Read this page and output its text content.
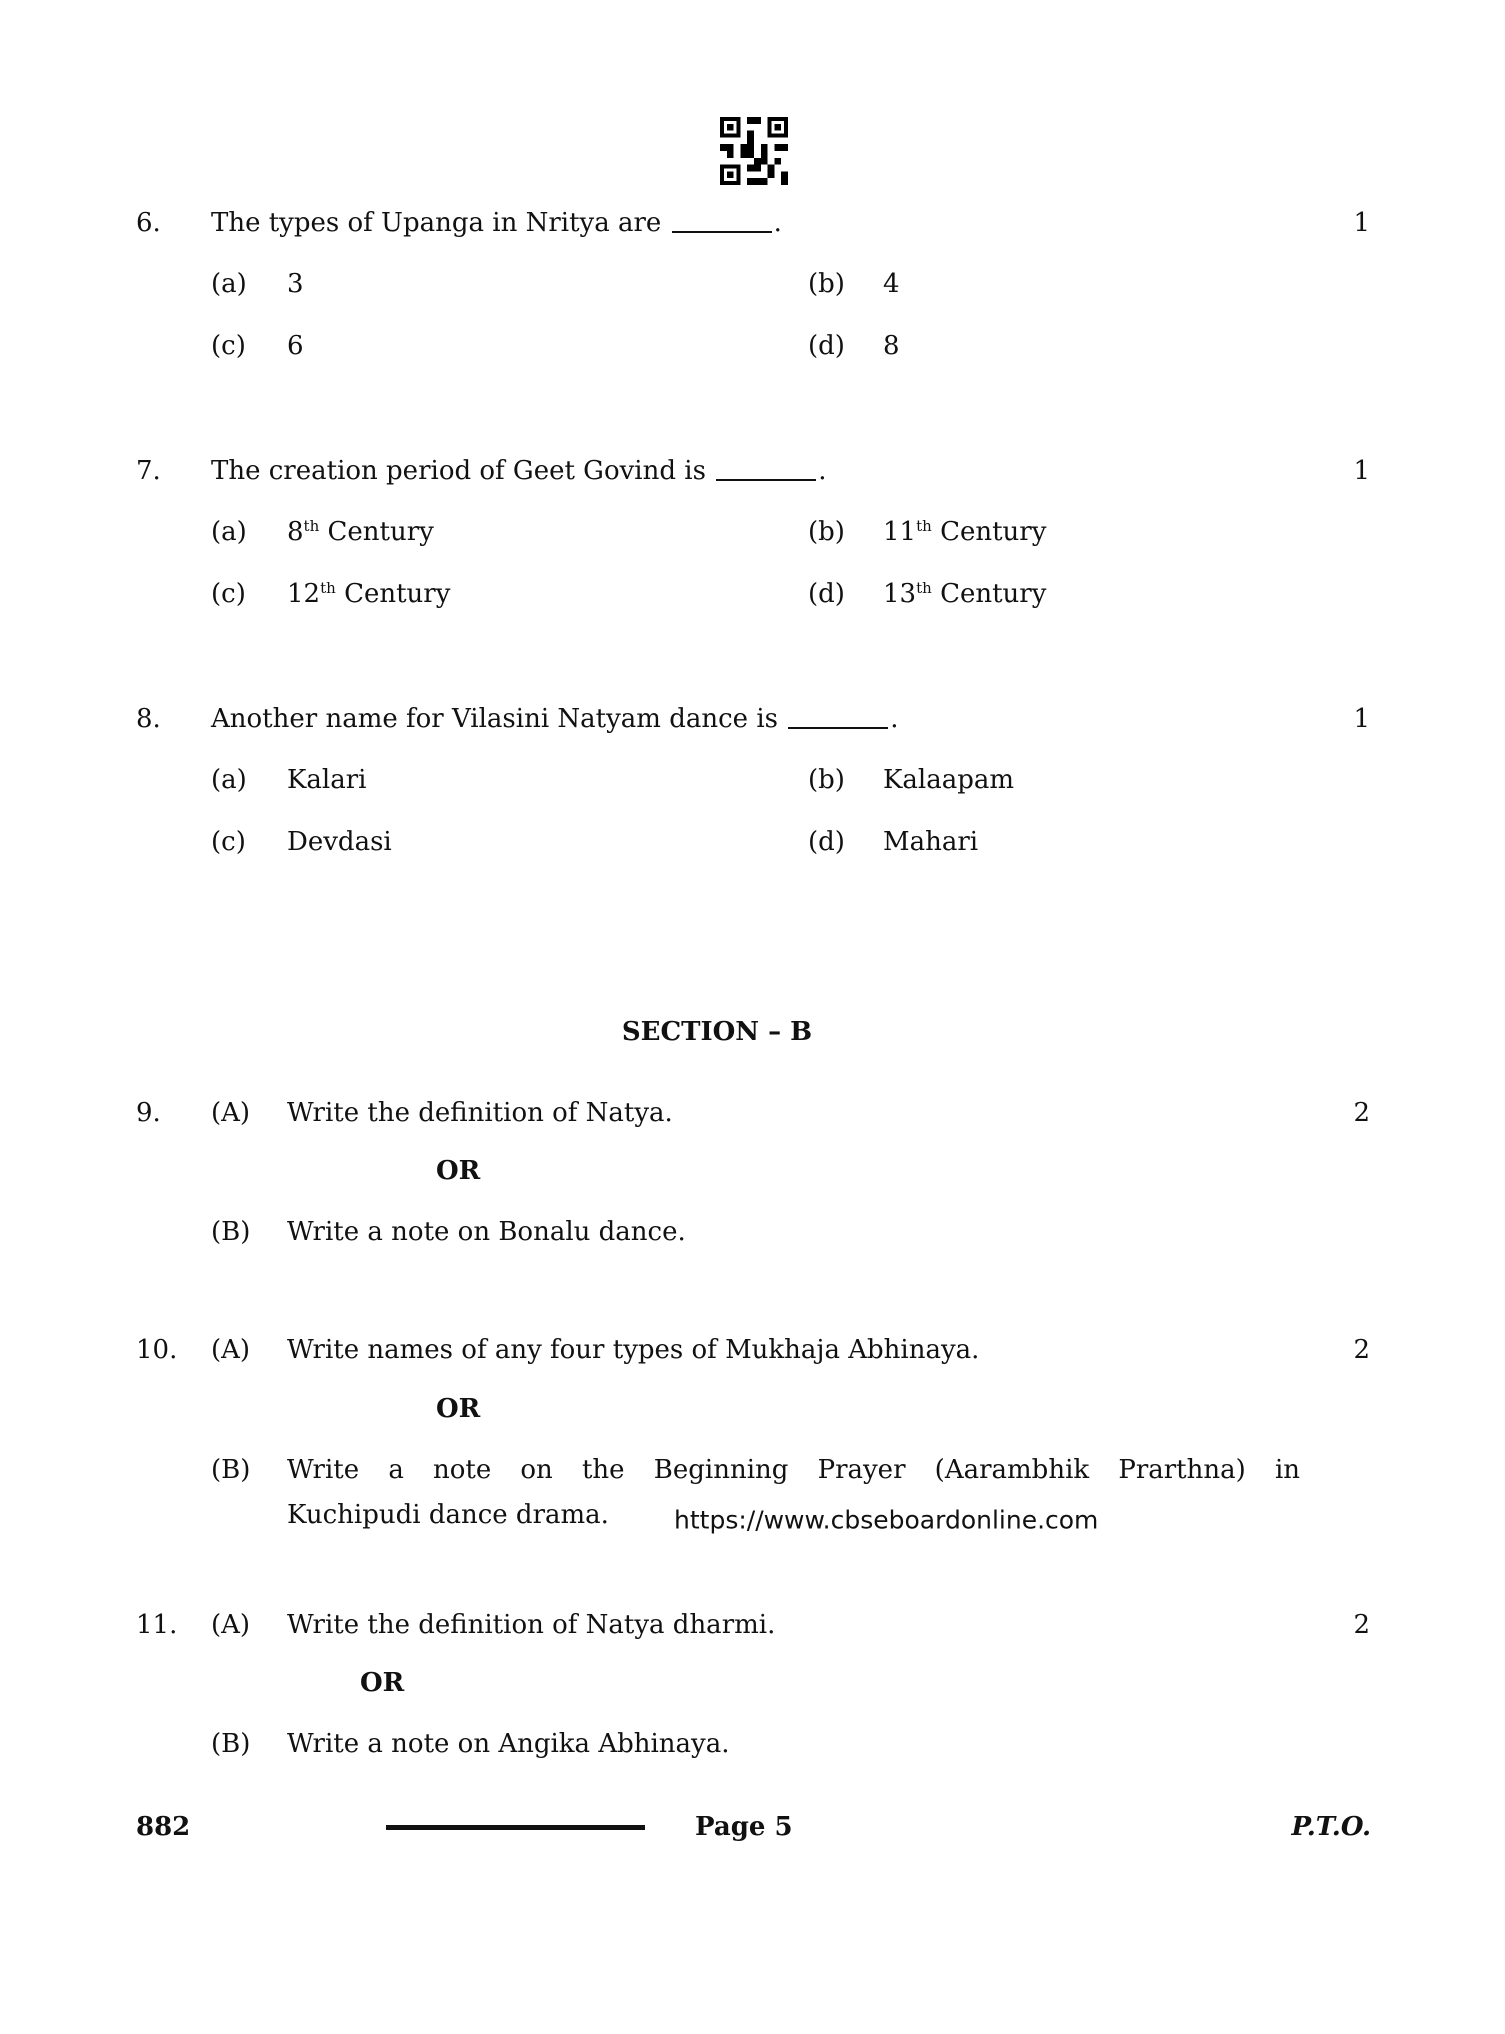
6. The types of Upanga in Nritya are	.	1
(a) 3	(b) 4
(c) 6	(d) 8
7. The creation period of Geet Govind is	.	1
(a) 8th Century	(b) 11th Century
(c) 12th Century	(d) 13th Century
8. Another name for Vilasini Natyam dance is	.	1
(a) Kalari	(b) Kalaapam
(c) Devdasi	(d) Mahari
SECTION – B
9. (A) Write the definition of Natya.	2
OR
(B) Write a note on Bonalu dance.
10. (A) Write names of any four types of Mukhaja Abhinaya.	2
OR
(B) Write a note on the Beginning Prayer (Aarambhik Prarthna) in
Kuchipudi dance drama.	https://www.cbseboardonline.com
11. (A) Write the definition of Natya dharmi.	2
OR
(B) Write a note on Angika Abhinaya.
882	Page 5	P.T.O.
